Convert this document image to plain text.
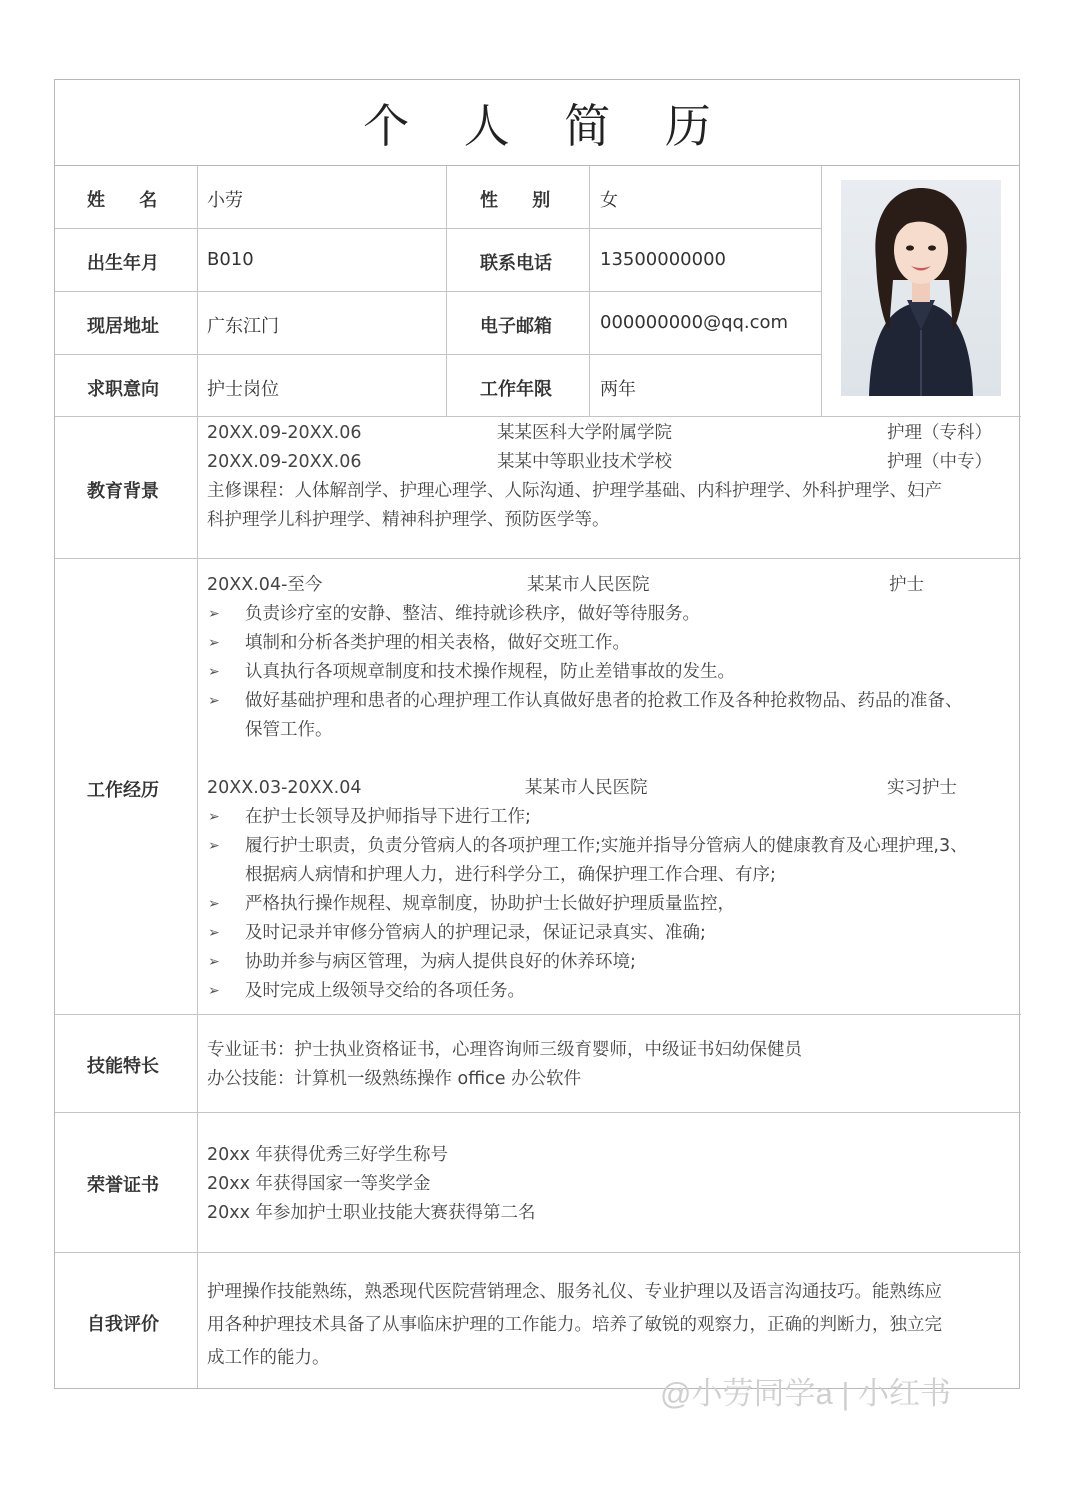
个 人 简 历
姓 名 小劳	性 别 女
出生年月	B010	联系电话	13500000000
现居地址	广东江门	电子邮箱	000000000@qq.com
求职意向	护士岗位	工作年限	两年
教育背景
20XX.09-20XX.06	某某医科大学附属学院	护理（专科）
20XX.09-20XX.06	某某中等职业技术学校	护理（中专）
主修课程：人体解剖学、护理心理学、人际沟通、护理学基础、内科护理学、外科护理学、妇产
科护理学儿科护理学、精神科护理学、预防医学等。
工作经历
20XX.04-至今	某某市人民医院	护士
➢ 负责诊疗室的安静、整洁、维持就诊秩序，做好等待服务。
➢ 填制和分析各类护理的相关表格，做好交班工作。
➢ 认真执行各项规章制度和技术操作规程，防止差错事故的发生。
➢ 做好基础护理和患者的心理护理工作认真做好患者的抢救工作及各种抢救物品、药品的准备、
保管工作。
20XX.03-20XX.04	某某市人民医院	实习护士
➢ 在护士长领导及护师指导下进行工作;
➢ 履行护士职责，负责分管病人的各项护理工作;实施并指导分管病人的健康教育及心理护理,3、
根据病人病情和护理人力，进行科学分工，确保护理工作合理、有序;
➢ 严格执行操作规程、规章制度，协助护士长做好护理质量监控，
➢ 及时记录并审修分管病人的护理记录，保证记录真实、准确;
➢ 协助并参与病区管理，为病人提供良好的休养环境;
➢ 及时完成上级领导交给的各项任务。
技能特长
专业证书：护士执业资格证书，心理咨询师三级育婴师，中级证书妇幼保健员
办公技能：计算机一级熟练操作 office 办公软件
荣誉证书
20xx 年获得优秀三好学生称号
20xx 年获得国家一等奖学金
20xx 年参加护士职业技能大赛获得第二名
自我评价
护理操作技能熟练，熟悉现代医院营销理念、服务礼仪、专业护理以及语言沟通技巧。能熟练应
用各种护理技术具备了从事临床护理的工作能力。培养了敏锐的观察力，正确的判断力，独立完
成工作的能力。
@小劳同学a | 小红书
